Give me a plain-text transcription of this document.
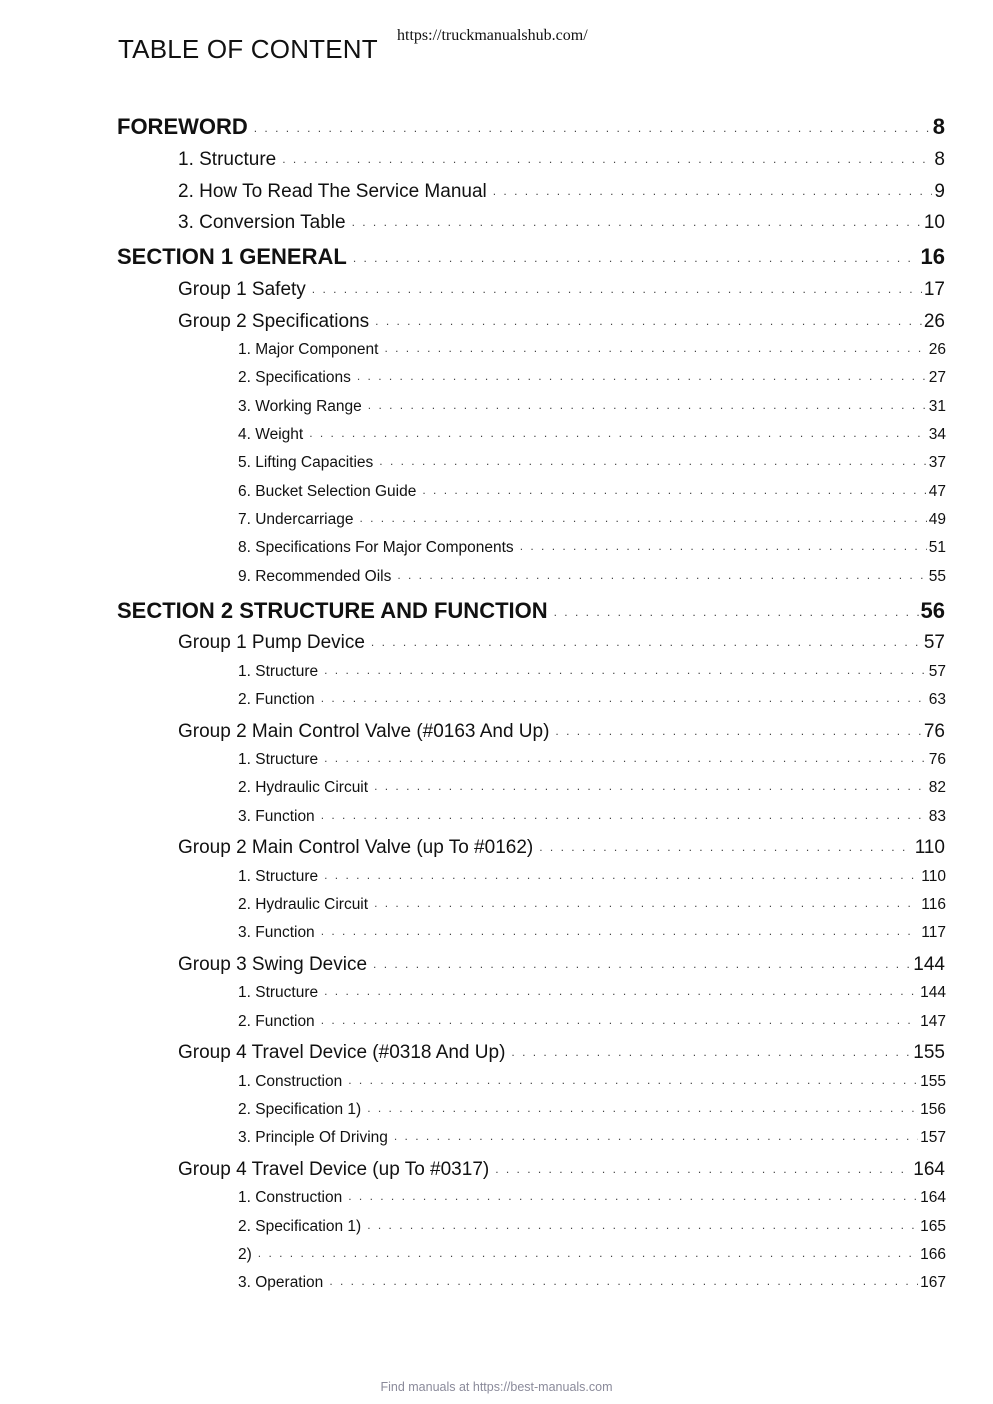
TABLE OF CONTENT https://truckmanualshub.com/
FOREWORD . . .	8
1. Structure . . .	8
2. How To Read The Service Manual . . .	9
3. Conversion Table . . .	10
SECTION 1 GENERAL . . .	16
Group 1 Safety . . .	17
Group 2 Specifications . . .	26
1. Major Component . . .	26
2. Specifications . . .	27
3. Working Range . . .	31
4. Weight . . .	34
5. Lifting Capacities . . .	37
6. Bucket Selection Guide . . .	47
7. Undercarriage . . .	49
8. Specifications For Major Components . . .	51
9. Recommended Oils . . .	55
SECTION 2 STRUCTURE AND FUNCTION . . .	56
Group 1 Pump Device . . .	57
1. Structure . . .	57
2. Function . . .	63
Group 2 Main Control Valve (#0163 And Up) . . .	76
1. Structure . . .	76
2. Hydraulic Circuit . . .	82
3. Function . . .	83
Group 2 Main Control Valve (up To #0162) . . .	110
1. Structure . . .	110
2. Hydraulic Circuit . . .	116
3. Function . . .	117
Group 3 Swing Device . . .	144
1. Structure . . .	144
2. Function . . .	147
Group 4 Travel Device (#0318 And Up) . . .	155
1. Construction . . .	155
2. Specification 1) . . .	156
3. Principle Of Driving . . .	157
Group 4 Travel Device (up To #0317) . . .	164
1. Construction . . .	164
2. Specification 1) . . .	165
2) . . .	166
3. Operation . . .	167
Find manuals at https://best-manuals.com
